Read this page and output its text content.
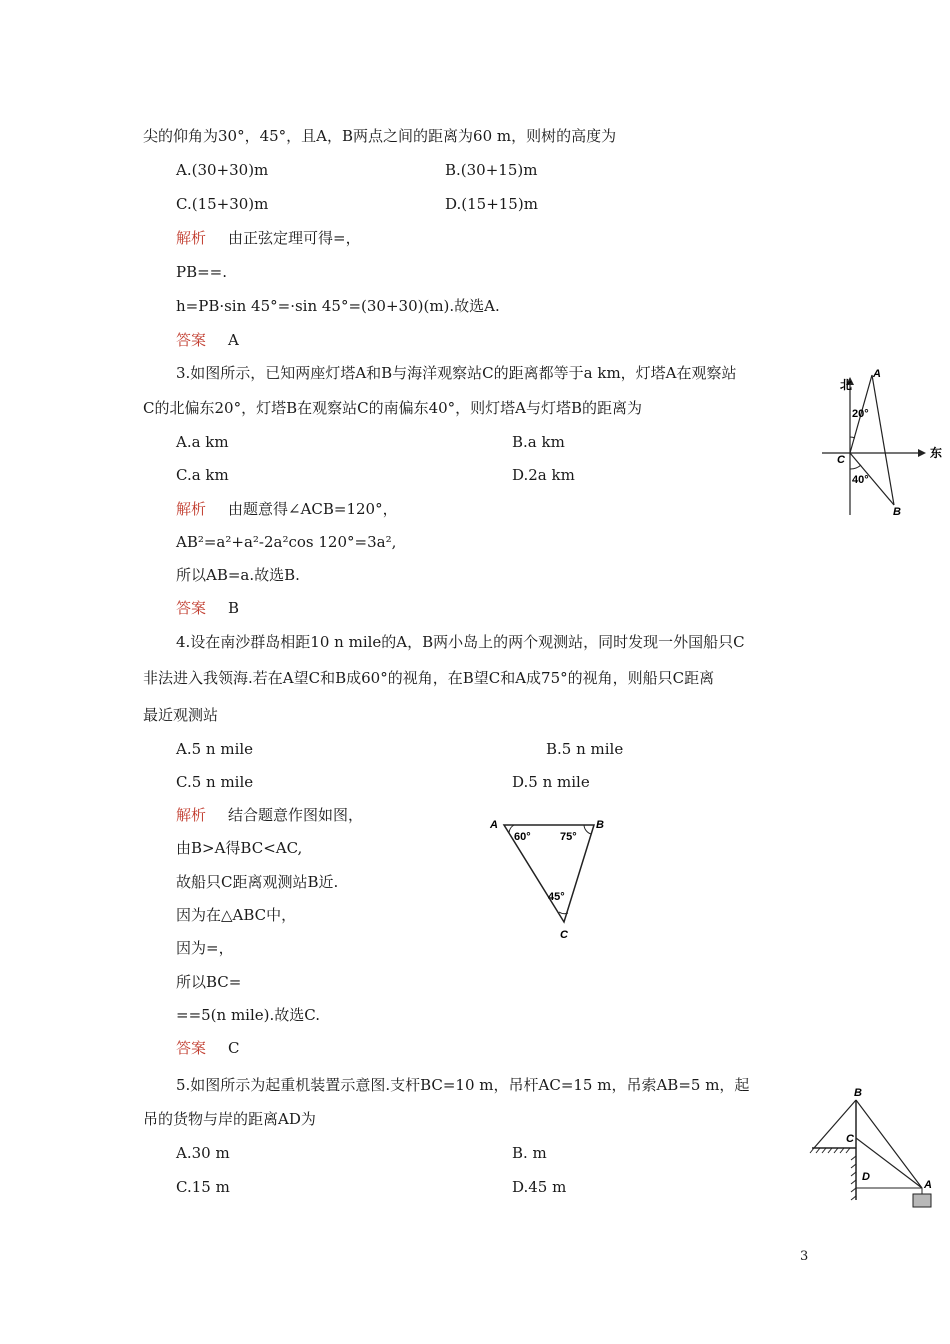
尖的仰角为30°，45°，且A，B两点之间的距离为60 m，则树的高度为
A.(30+30)m	B.(30+15)m
C.(15+30)m	D.(15+15)m
解析 由正弦定理可得=，
PB==.
h=PB·sin 45°=·sin 45°=(30+30)(m).故选A.
答案 A
3.如图所示，已知两座灯塔A和B与海洋观察站C的距离都等于a km，灯塔A在观察站
C的北偏东20°，灯塔B在观察站C的南偏东40°，则灯塔A与灯塔B的距离为
A.a km	B.a km
C.a km	D.2a km
解析 由题意得∠ACB=120°，
AB²=a²+a²-2a²cos 120°=3a²,
所以AB=a.故选B.
答案 B
北
东
A
B
C
20°
40°
4.设在南沙群岛相距10 n mile的A，B两小岛上的两个观测站，同时发现一外国船只C
非法进入我领海.若在A望C和B成60°的视角，在B望C和A成75°的视角，则船只C距离
最近观测站
A.5 n mile	B.5 n mile
C.5 n mile	D.5 n mile
解析 结合题意作图如图，
由B>A得BC<AC,
故船只C距离观测站B近.
因为在△ABC中，
因为=，
所以BC=
==5(n mile).故选C.
答案 C
A	B
C
60°	75°
45°
5.如图所示为起重机装置示意图.支杆BC=10 m，吊杆AC=15 m，吊索AB=5 m，起
吊的货物与岸的距离AD为
A.30 m	B. m
C.15 m	D.45 m
B
C
D
A
3
